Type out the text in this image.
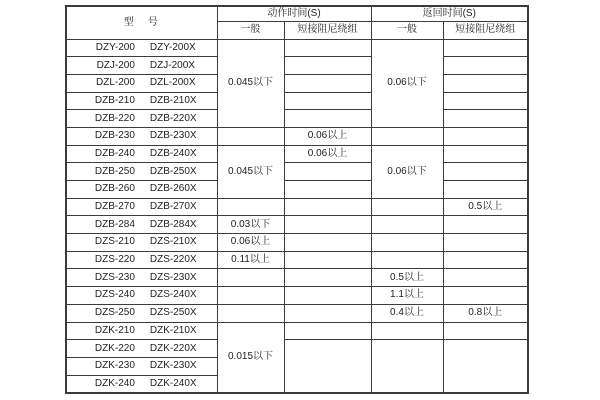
型　号	动作时间(S)		返回时间(S)	
	一般	短接阻尼绕组	一般	短接阻尼绕组

DZY-200 DZY-200X	0.045以下		0.06以下	

DZJ-200 DZJ-200X				

DZL-200 DZL-200X				

DZB-210 DZB-210X				

DZB-220 DZB-220X				

DZB-230 DZB-230X		0.06以上		

DZB-240 DZB-240X	0.045以下	0.06以上	0.06以下	

DZB-250 DZB-250X				

DZB-260 DZB-260X				

DZB-270 DZB-270X				0.5以上

DZB-284 DZB-284X	0.03以下			

DZS-210 DZS-210X	0.06以上			

DZS-220 DZS-220X	0.11以上			

DZS-230 DZS-230X			0.5以上	

DZS-240 DZS-240X			1.1以上	

DZS-250 DZS-250X			0.4以上	0.8以上

DZK-210 DZK-210X	0.015以下			

DZK-220 DZK-220X				

DZK-230 DZK-230X				

DZK-240 DZK-240X				
